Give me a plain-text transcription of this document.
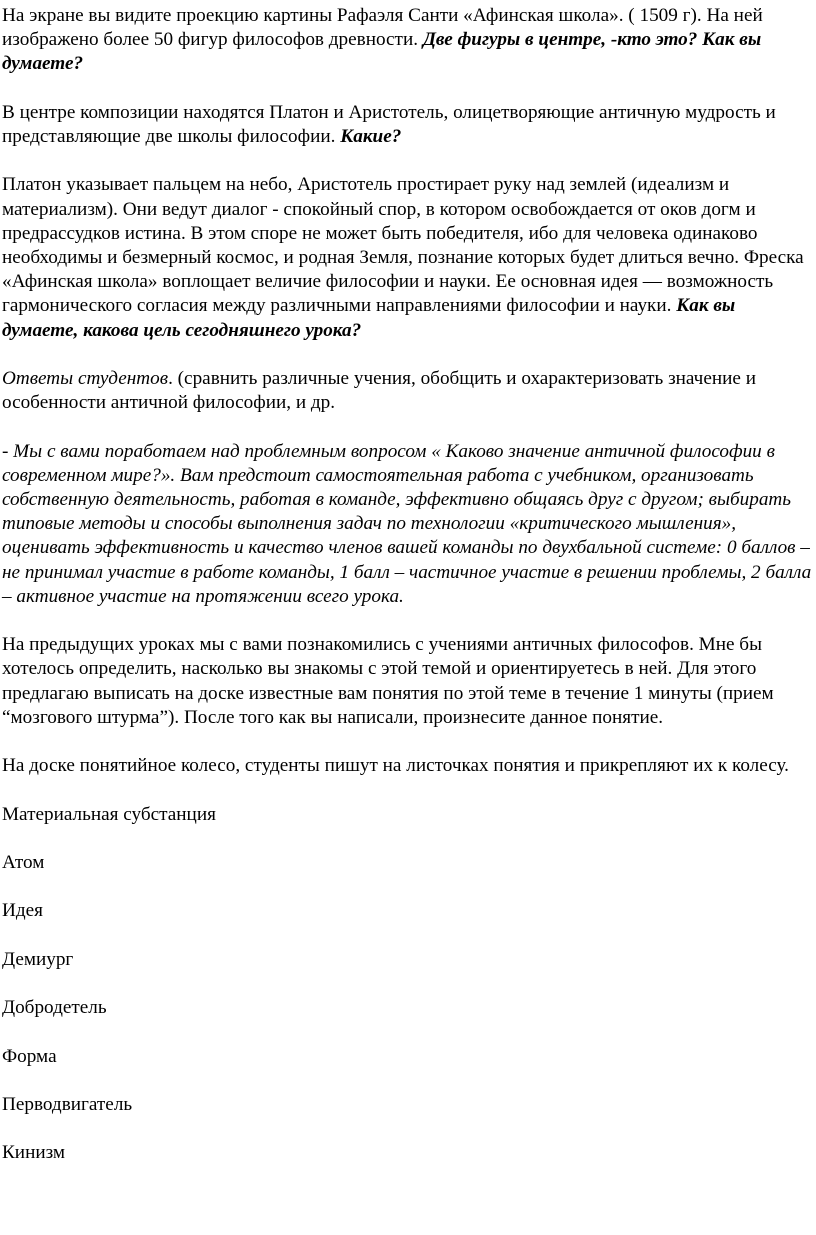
На экране вы видите проекцию картины Рафаэля Санти «Афинская школа». ( 1509 г). На ней изображено более 50 фигур философов древности. Две фигуры в центре, -кто это? Как вы думаете?

В центре композиции находятся Платон и Аристотель, олицетворяющие античную мудрость и представляющие две школы философии. Какие?

Платон указывает пальцем на небо, Аристотель простирает руку над землей (идеализм и материализм). Они ведут диалог - спокойный спор, в котором освобождается от оков догм и предрассудков истина. В этом споре не может быть победителя, ибо для человека одинаково необходимы и безмерный космос, и родная Земля, познание которых будет длиться вечно. Фреска «Афинская школа» воплощает величие философии и науки. Ее основная идея — возможность гармонического согласия между различными направлениями философии и науки. Как вы думаете, какова цель сегодняшнего урока?

Ответы студентов. (сравнить различные учения, обобщить и охарактеризовать значение и особенности античной философии, и др.

- Мы с вами поработаем над проблемным вопросом « Каково значение античной философии в современном мире?». Вам предстоит самостоятельная работа с учебником, организовать собственную деятельность, работая в команде, эффективно общаясь друг с другом; выбирать типовые методы и способы выполнения задач по технологии «критического мышления», оценивать эффективность и качество членов вашей команды по двухбальной системе: 0 баллов – не принимал участие в работе команды, 1 балл – частичное участие в решении проблемы, 2 балла – активное участие на протяжении всего урока.

На предыдущих уроках мы с вами познакомились с учениями античных философов. Мне бы хотелось определить, насколько вы знакомы с этой темой и ориентируетесь в ней. Для этого предлагаю выписать на доске известные вам понятия по этой теме в течение 1 минуты (прием “мозгового штурма”). После того как вы написали, произнесите данное понятие.

На доске понятийное колесо, студенты пишут на листочках понятия и прикрепляют их к колесу.

Материальная субстанция
Атом
Идея
Демиург
Добродетель
Форма
Перводвигатель
Кинизм
